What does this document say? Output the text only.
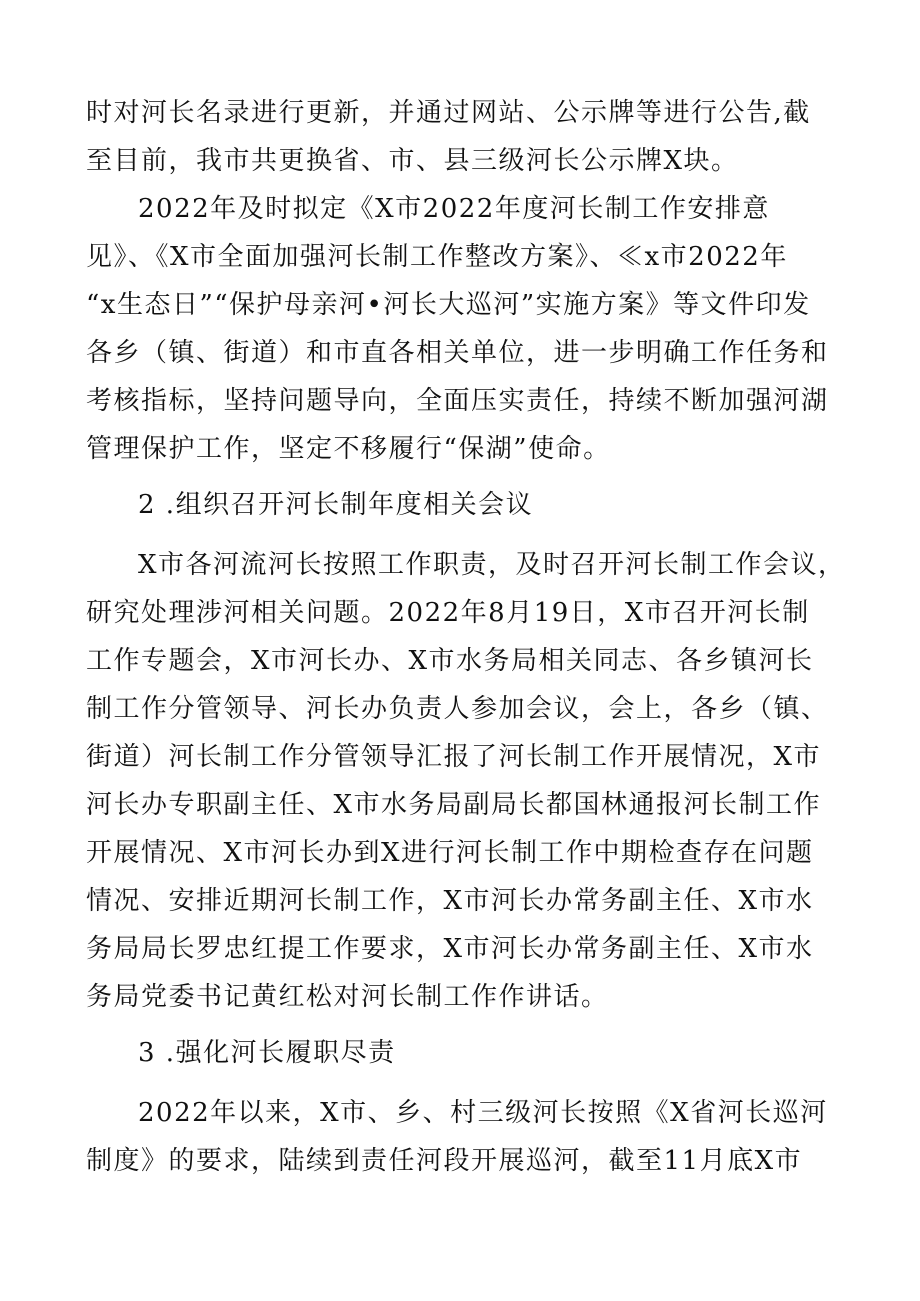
时对河长名录进行更新，并通过网站、公示牌等进行公告,截
至目前，我市共更换省、市、县三级河长公示牌X块。
2022年及时拟定《X市2022年度河长制工作安排意
见》、《X市全面加强河长制工作整改方案》、≪x市2022年
“x生态日”“保护母亲河•河长大巡河”实施方案》等文件印发
各乡（镇、街道）和市直各相关单位，进一步明确工作任务和
考核指标，坚持问题导向，全面压实责任，持续不断加强河湖
管理保护工作，坚定不移履行“保湖”使命。
2 .组织召开河长制年度相关会议
X市各河流河长按照工作职责，及时召开河长制工作会议，
研究处理涉河相关问题。2022年8月19日，X市召开河长制
工作专题会，X市河长办、X市水务局相关同志、各乡镇河长
制工作分管领导、河长办负责人参加会议，会上，各乡（镇、
街道）河长制工作分管领导汇报了河长制工作开展情况，X市
河长办专职副主任、X市水务局副局长都国林通报河长制工作
开展情况、X市河长办到X进行河长制工作中期检查存在问题
情况、安排近期河长制工作，X市河长办常务副主任、X市水
务局局长罗忠红提工作要求，X市河长办常务副主任、X市水
务局党委书记黄红松对河长制工作作讲话。
3 .强化河长履职尽责
2022年以来，X市、乡、村三级河长按照《X省河长巡河
制度》的要求，陆续到责任河段开展巡河，截至11月底X市
